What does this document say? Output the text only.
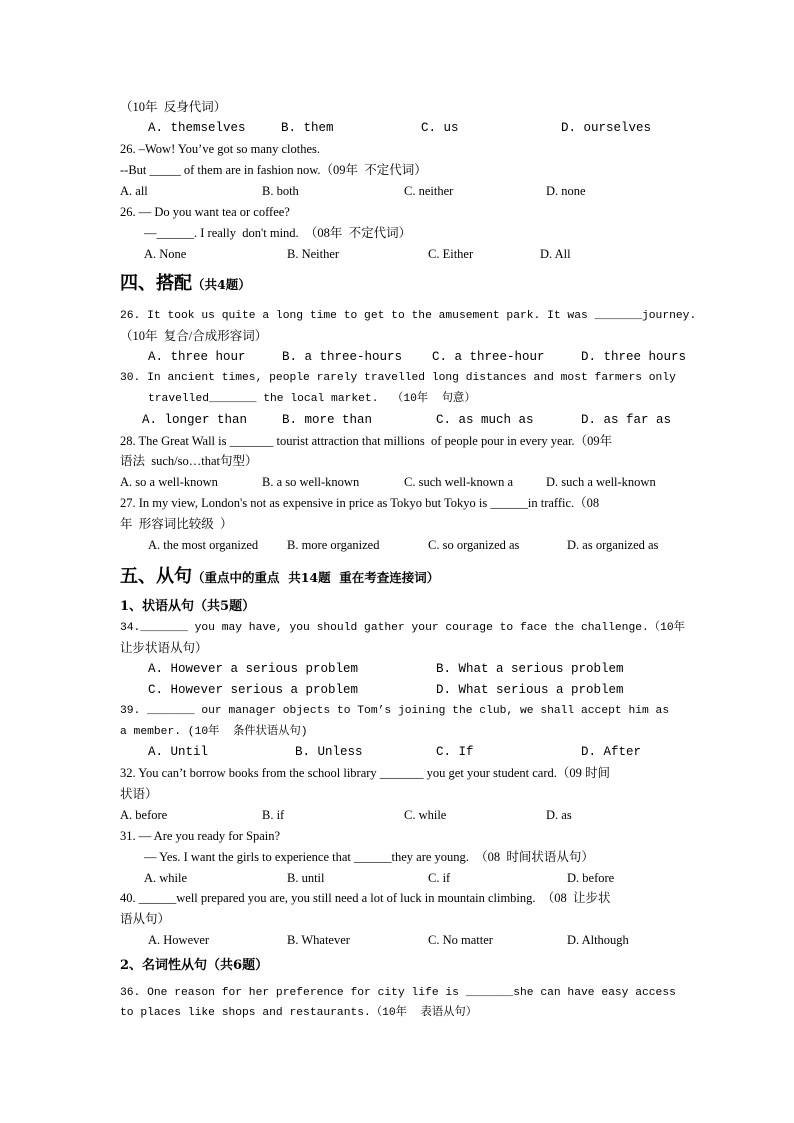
（10年  反身代词）
A. themselves	B. them	C. us	D. ourselves
26. –Wow! You’ve got so many clothes.
--But _____ of them are in fashion now.（09年  不定代词）
A. all	B. both	C. neither	D. none
26. — Do you want tea or coffee?
—______. I really  don't mind.  （08年  不定代词）
A. None	B. Neither	C. Either	D. All
四、搭配（共4题）
26. It took us quite a long time to get to the amusement park. It was _______journey.
（10年  复合/合成形容词）
A. three hour	B. a three-hours C. a three-hour	D. three hours
30. In ancient times, people rarely travelled long distances and most farmers only
travelled_______ the local market.  （10年  句意）
A. longer than	B. more than	C. as much as	D. as far as
28. The Great Wall is _______ tourist attraction that millions  of people pour in every year.（09年
语法  such/so…that句型）
A. so a well-known	B. a so well-known	C. such well-known a	D. such a well-known
27. In my view, London's not as expensive in price as Tokyo but Tokyo is ______in traffic.（08
年  形容词比较级  ）
A. the most organized B. more organized	C. so organized as	D. as organized as
五、从句（重点中的重点  共14题  重在考查连接词）
1、状语从句（共5题）
34._______ you may have, you should gather your courage to face the challenge.（10年
让步状语从句）
A. However a serious problem	B. What a serious problem
C. However serious a problem	D. What serious a problem
39. _______ our manager objects to Tom’s joining the club, we shall accept him as
a member. (10年  条件状语从句)
A. Until	B. Unless	C. If	D. After
32. You can’t borrow books from the school library _______ you get your student card.（09 时间
状语）
A. before	B. if	C. while	D. as
31. — Are you ready for Spain?
— Yes. I want the girls to experience that ______they are young.  （08  时间状语从句）
A. while	B. until	C. if	D. before
40. ______well prepared you are, you still need a lot of luck in mountain climbing.  （08  让步状
语从句）
A. However	B. Whatever	C. No matter	D. Although
2、名词性从句（共6题）
36. One reason for her preference for city life is _______she can have easy access
to places like shops and restaurants.（10年  表语从句）
